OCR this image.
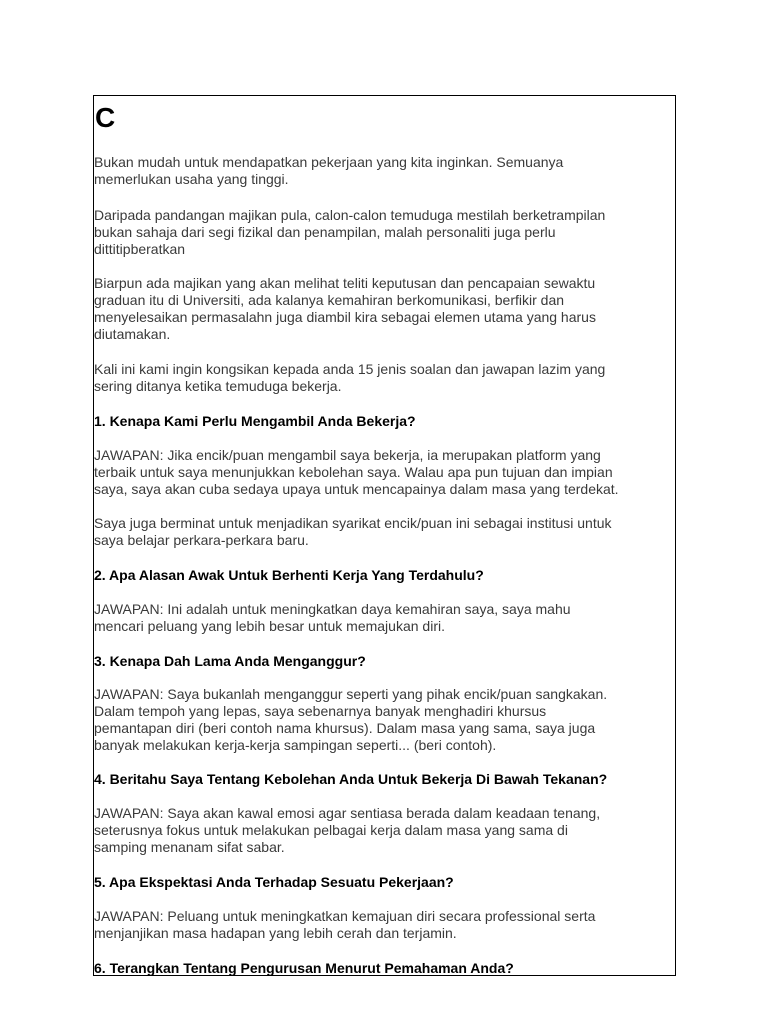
C
Bukan mudah untuk mendapatkan pekerjaan yang kita inginkan. Semuanya
memerlukan usaha yang tinggi.
Daripada pandangan majikan pula, calon-calon temuduga mestilah berketrampilan
bukan sahaja dari segi fizikal dan penampilan, malah personaliti juga perlu
dittitipberatkan
Biarpun ada majikan yang akan melihat teliti keputusan dan pencapaian sewaktu
graduan itu di Universiti, ada kalanya kemahiran berkomunikasi, berfikir dan
menyelesaikan permasalahn juga diambil kira sebagai elemen utama yang harus
diutamakan.
Kali ini kami ingin kongsikan kepada anda 15 jenis soalan dan jawapan lazim yang
sering ditanya ketika temuduga bekerja.
1. Kenapa Kami Perlu Mengambil Anda Bekerja?
JAWAPAN: Jika encik/puan mengambil saya bekerja, ia merupakan platform yang
terbaik untuk saya menunjukkan kebolehan saya. Walau apa pun tujuan dan impian
saya, saya akan cuba sedaya upaya untuk mencapainya dalam masa yang terdekat.
Saya juga berminat untuk menjadikan syarikat encik/puan ini sebagai institusi untuk
saya belajar perkara-perkara baru.
2. Apa Alasan Awak Untuk Berhenti Kerja Yang Terdahulu?
JAWAPAN: Ini adalah untuk meningkatkan daya kemahiran saya, saya mahu
mencari peluang yang lebih besar untuk memajukan diri.
3. Kenapa Dah Lama Anda Menganggur?
JAWAPAN: Saya bukanlah menganggur seperti yang pihak encik/puan sangkakan.
Dalam tempoh yang lepas, saya sebenarnya banyak menghadiri khursus
pemantapan diri (beri contoh nama khursus). Dalam masa yang sama, saya juga
banyak melakukan kerja-kerja sampingan seperti... (beri contoh).
4. Beritahu Saya Tentang Kebolehan Anda Untuk Bekerja Di Bawah Tekanan?
JAWAPAN: Saya akan kawal emosi agar sentiasa berada dalam keadaan tenang,
seterusnya fokus untuk melakukan pelbagai kerja dalam masa yang sama di
samping menanam sifat sabar.
5. Apa Ekspektasi Anda Terhadap Sesuatu Pekerjaan?
JAWAPAN: Peluang untuk meningkatkan kemajuan diri secara professional serta
menjanjikan masa hadapan yang lebih cerah dan terjamin.
6. Terangkan Tentang Pengurusan Menurut Pemahaman Anda?
